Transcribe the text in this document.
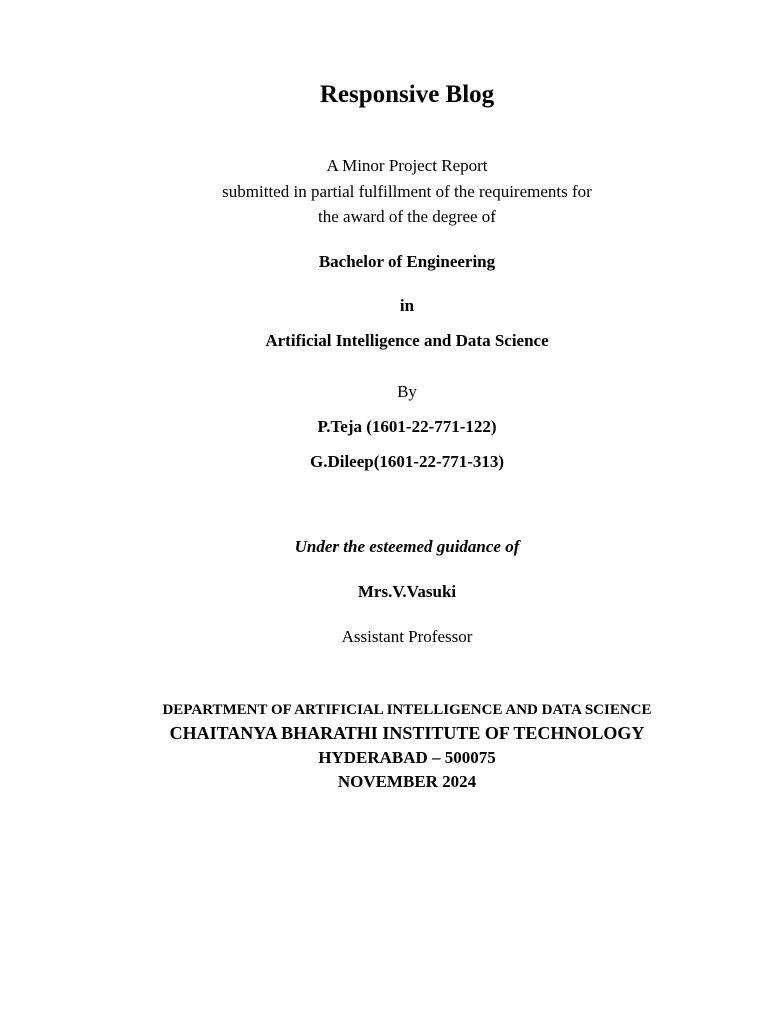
Responsive Blog
A Minor Project Report
submitted in partial fulfillment of the requirements for
the award of the degree of
Bachelor of Engineering
in
Artificial Intelligence and Data Science
By
P.Teja (1601-22-771-122)
G.Dileep(1601-22-771-313)
Under the esteemed guidance of
Mrs.V.Vasuki
Assistant Professor
DEPARTMENT OF ARTIFICIAL INTELLIGENCE AND DATA SCIENCE
CHAITANYA BHARATHI INSTITUTE OF TECHNOLOGY
HYDERABAD – 500075
NOVEMBER 2024
